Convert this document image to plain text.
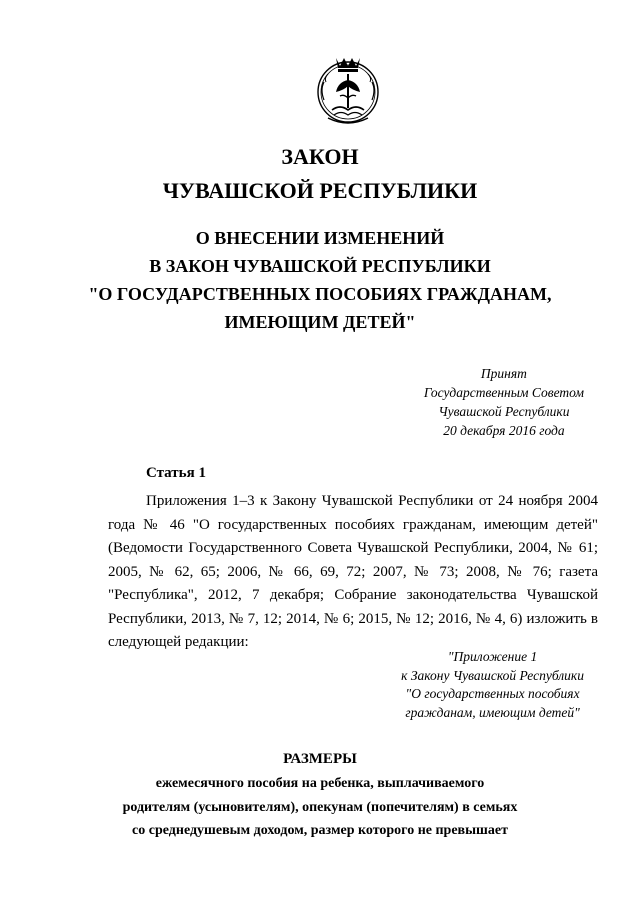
ЗАКОН
ЧУВАШСКОЙ РЕСПУБЛИКИ
О ВНЕСЕНИИ ИЗМЕНЕНИЙ
В ЗАКОН ЧУВАШСКОЙ РЕСПУБЛИКИ
"О ГОСУДАРСТВЕННЫХ ПОСОБИЯХ ГРАЖДАНАМ,
ИМЕЮЩИМ ДЕТЕЙ"
Принят
Государственным Советом
Чувашской Республики
20 декабря 2016 года
Статья 1
Приложения 1–3 к Закону Чувашской Республики от 24 ноября 2004 года № 46 "О государственных пособиях гражданам, имеющим детей" (Ведомости Государственного Совета Чувашской Республики, 2004, № 61; 2005, № 62, 65; 2006, № 66, 69, 72; 2007, № 73; 2008, № 76; газета "Республика", 2012, 7 декабря; Собрание законодательства Чувашской Республики, 2013, № 7, 12; 2014, № 6; 2015, № 12; 2016, № 4, 6) изложить в следующей редакции:
"Приложение 1
к Закону Чувашской Республики
"О государственных пособиях
гражданам, имеющим детей"
РАЗМЕРЫ
ежемесячного пособия на ребенка, выплачиваемого
родителям (усыновителям), опекунам (попечителям) в семьях
со среднедушевым доходом, размер которого не превышает
